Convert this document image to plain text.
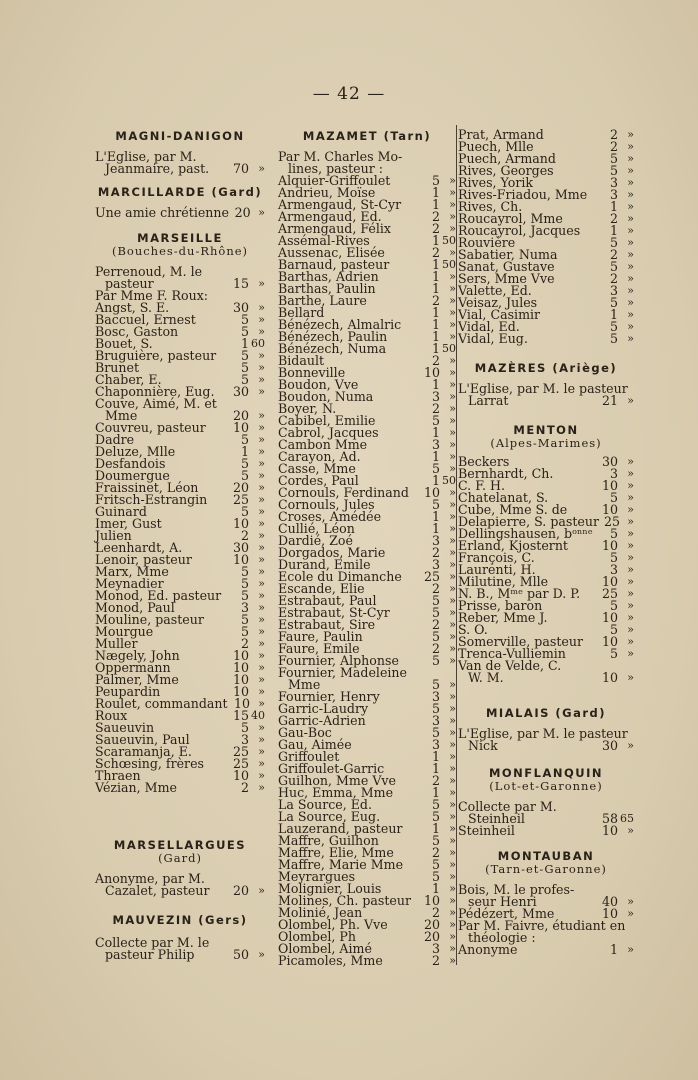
— 42 —
MAGNI-DANIGON
L'Eglise, par M.
Jeanmaire, past.	70 »
MARCILLARDE (Gard)
Une amie chrétienne 20 »
MARSEILLE
(Bouches-du-Rhône)
Perrenoud, M. le
pasteur	15 »
Par Mme F. Roux:
Angst, S. E.	30 »
Baccuel, Ernest	5 »
Bosc, Gaston	5 »
Bouet, S.	1 60
Bruguière, pasteur	5 »
Brunet	5 »
Chaber, E.	5 »
Chaponnière, Eug.	30 »
Couve, Aimé, M. et
Mme	20 »
Couvreu, pasteur	10 »
Dadre	5 »
Deluze, Mlle	1 »
Desfandois	5 »
Doumergue	5 »
Fraissinet, Léon	20 »
Fritsch-Estrangin	25 »
Guinard	5 »
Imer, Gust	10 »
Julien	2 »
Leenhardt, A.	30 »
Lenoir, pasteur	10 »
Marx, Mme	5 »
Meynadier	5 »
Monod, Ed. pasteur	5 »
Monod, Paul	3 »
Mouline, pasteur	5 »
Mourgue	5 »
Muller	2 »
Nægely, John	10 »
Oppermann	10 »
Palmer, Mme	10 »
Peupardin	10 »
Roulet, commandant 10 »
Roux	15 40
Saueuvin	5 »
Saueuvin, Paul	3 »
Scaramanja, E.	25 »
Schœsing, frères	25 »
Thraen	10 »
Vézian, Mme	2 »
MARSELLARGUES
(Gard)
Anonyme, par M.
Cazalet, pasteur	20 »
MAUVEZIN (Gers)
Collecte par M. le
pasteur Philip	50 »
MAZAMET (Tarn)
Par M. Charles Mo-
lines, pasteur :
Alquier-Griffoulet	5 »
Andrieu, Moïse	1 »
Armengaud, St-Cyr	1 »
Armengaud, Ed.	2 »
Armengaud, Félix	2 »
Assémal-Rives	1 50
Aussenac, Elisée	2 »
Barnaud, pasteur	1 50
Barthas, Adrien	1 »
Barthas, Paulin	1 »
Barthe, Laure	2 »
Bellard	1 »
Bénézech, Almalric	1 »
Bénézech, Paulin	1 »
Bénézech, Numa	1 50
Bidault	2 »
Bonneville	10 »
Boudon, Vve	1 »
Boudon, Numa	3 »
Boyer, N.	2 »
Cabibel, Emilie	5 »
Cabrol, Jacques	1 »
Cambon Mme	3 »
Carayon, Ad.	1 »
Casse, Mme	5 »
Cordes, Paul	1 50
Cornouls, Ferdinand	10 »
Cornouls, Jules	5 »
Croses, Amédée	1 »
Cullié, Léon	1 »
Dardié, Zoé	3 »
Dorgados, Marie	2 »
Durand, Emile	3 »
Ecole du Dimanche	25 »
Escande, Elie	2 »
Estrabaut, Paul	5 »
Estrabaut, St-Cyr	5 »
Estrabaut, Sire	2 »
Faure, Paulin	5 »
Faure, Emile	2 »
Fournier, Alphonse	5 »
Fournier, Madeleine
Mme	5 »
Fournier, Henry	3 »
Garric-Laudry	5 »
Garric-Adrien	3 »
Gau-Boc	5 »
Gau, Aimée	3 »
Griffoulet	1 »
Griffoulet-Garric	1 »
Guilhon, Mme Vve	2 »
Huc, Emma, Mme	1 »
La Source, Ed.	5 »
La Source, Eug.	5 »
Lauzerand, pasteur	1 »
Maffre, Guilhon	5 »
Maffre, Elie, Mme	2 »
Maffre, Marie Mme	5 »
Meyrargues	5 »
Molignier, Louis	1 »
Molines, Ch. pasteur	10 »
Molinié, Jean	2 »
Olombel, Ph. Vve	20 »
Olombel, Ph	20 »
Olombel, Aimé	3 »
Picamoles, Mme	2 »
Prat, Armand	2 »
Puech, Mlle	2 »
Puech, Armand	5 »
Rives, Georges	5 »
Rives, Yorik	3 »
Rives-Friadou, Mme	3 »
Rives, Ch.	1 »
Roucayrol, Mme	2 »
Roucayrol, Jacques	1 »
Rouvière	5 »
Sabatier, Numa	2 »
Sanat, Gustave	5 »
Sers, Mme Vve	2 »
Valette, Ed.	3 »
Veisaz, Jules	5 »
Vial, Casimir	1 »
Vidal, Ed.	5 »
Vidal, Eug.	5 »
MAZÈRES (Ariège)
L'Eglise, par M. le pasteur
Larrat	21 »
MENTON
(Alpes-Marimes)
Beckers	30 »
Bernhardt, Ch.	3 »
C. F. H.	10 »
Chatelanat, S.	5 »
Cube, Mme S. de	10 »
Delapierre, S. pasteur 25 »
Dellingshausen, bᵒⁿⁿᵉ	5 »
Erland, Kjosternt	10 »
François, C.	5 »
Laurenti, H.	3 »
Milutine, Mlle	10 »
N. B., Mᵐᵉ par D. P.	25 »
Prisse, baron	5 »
Reber, Mme J.	10 »
S. O.	5 »
Somerville, pasteur	10 »
Trenca-Vulliemin	5 »
Van de Velde, C.
W. M.	10 »
MIALAIS (Gard)
L'Eglise, par M. le pasteur
Nick	30 »
MONFLANQUIN
(Lot-et-Garonne)
Collecte par M.
Steinheil	58 65
Steinheil	10 »
MONTAUBAN
(Tarn-et-Garonne)
Bois, M. le profes-
seur Henri	40 »
Pédézert, Mme	10 »
Par M. Faivre, étudiant en
théologie :
Anonyme	1 »
